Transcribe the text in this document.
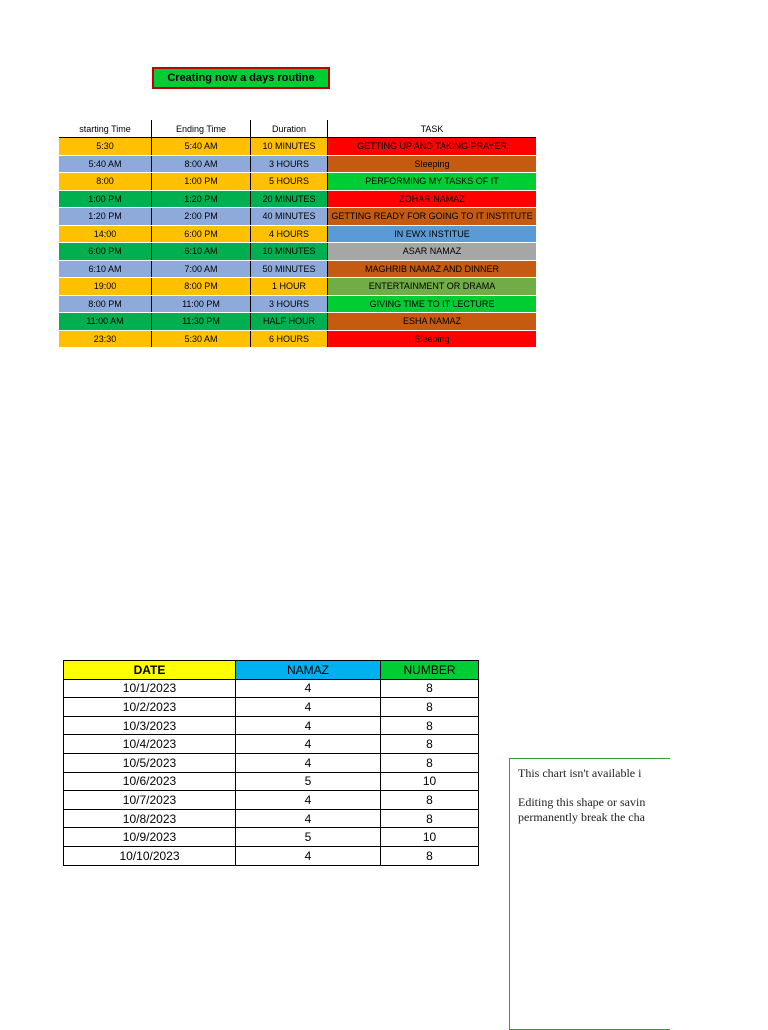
Creating now a days routine
starting Time	Ending Time	Duration	TASK
5:30	5:40 AM	10 MINUTES	GETTING UP AND TAKING PRAYER
5:40 AM	8:00 AM	3 HOURS	Sleeping
8:00	1:00 PM	5 HOURS	PERFORMING MY TASKS OF IT
1:00 PM	1:20 PM	20 MINUTES	ZOHAR NAMAZ
1:20 PM	2:00 PM	40 MINUTES	GETTING READY FOR GOING TO IT INSTITUTE
14:00	6:00 PM	4 HOURS	IN EWX INSTITUE
6:00 PM	6:10 AM	10 MINUTES	ASAR NAMAZ
6:10 AM	7:00 AM	50 MINUTES	MAGHRIB NAMAZ AND DINNER
19:00	8:00 PM	1 HOUR	ENTERTAINMENT OR DRAMA
8:00 PM	11:00 PM	3 HOURS	GIVING TIME TO IT LECTURE
11:00 AM	11:30 PM	HALF HOUR	ESHA NAMAZ
23:30	5:30 AM	6 HOURS	Sleeping
DATE	NAMAZ	NUMBER
10/1/2023	4	8
10/2/2023	4	8
10/3/2023	4	8
10/4/2023	4	8
10/5/2023	4	8
10/6/2023	5	10
10/7/2023	4	8
10/8/2023	4	8
10/9/2023	5	10
10/10/2023	4	8
This chart isn't available i
Editing this shape or savin
permanently break the cha
